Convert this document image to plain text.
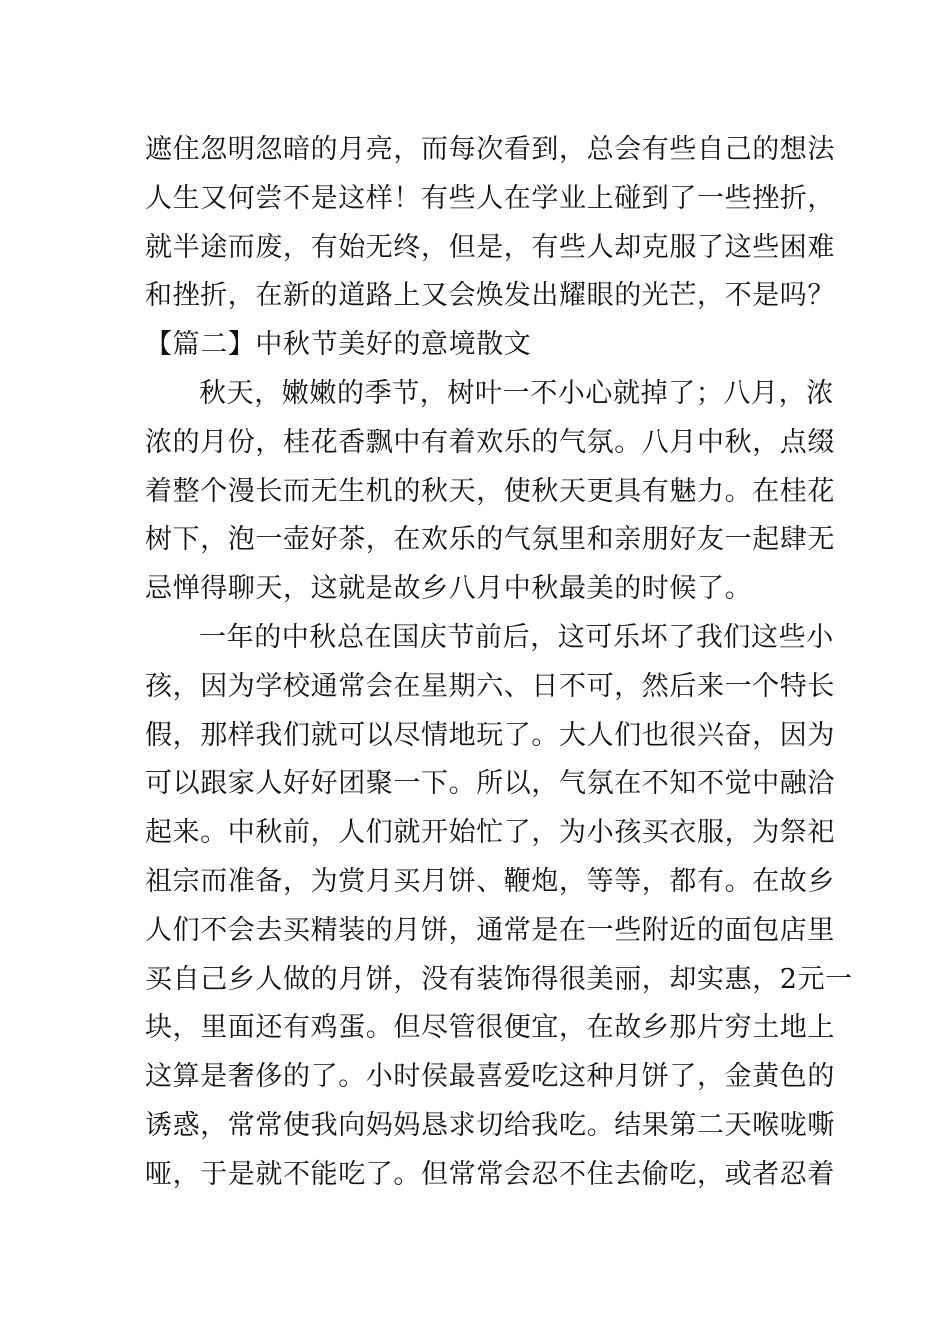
遮住忽明忽暗的月亮，而每次看到，总会有些自己的想法
人生又何尝不是这样！有些人在学业上碰到了一些挫折，
就半途而废，有始无终，但是，有些人却克服了这些困难
和挫折，在新的道路上又会焕发出耀眼的光芒，不是吗？
【篇二】中秋节美好的意境散文
秋天，嫩嫩的季节，树叶一不小心就掉了；八月，浓
浓的月份，桂花香飘中有着欢乐的气氛。八月中秋，点缀
着整个漫长而无生机的秋天，使秋天更具有魅力。在桂花
树下，泡一壶好茶，在欢乐的气氛里和亲朋好友一起肆无
忌惮得聊天，这就是故乡八月中秋最美的时候了。
一年的中秋总在国庆节前后，这可乐坏了我们这些小
孩，因为学校通常会在星期六、日不可，然后来一个特长
假，那样我们就可以尽情地玩了。大人们也很兴奋，因为
可以跟家人好好团聚一下。所以，气氛在不知不觉中融洽
起来。中秋前，人们就开始忙了，为小孩买衣服，为祭祀
祖宗而准备，为赏月买月饼、鞭炮，等等，都有。在故乡
人们不会去买精装的月饼，通常是在一些附近的面包店里
买自己乡人做的月饼，没有装饰得很美丽，却实惠，2元一
块，里面还有鸡蛋。但尽管很便宜，在故乡那片穷土地上
这算是奢侈的了。小时侯最喜爱吃这种月饼了，金黄色的
诱惑，常常使我向妈妈恳求切给我吃。结果第二天喉咙嘶
哑，于是就不能吃了。但常常会忍不住去偷吃，或者忍着
